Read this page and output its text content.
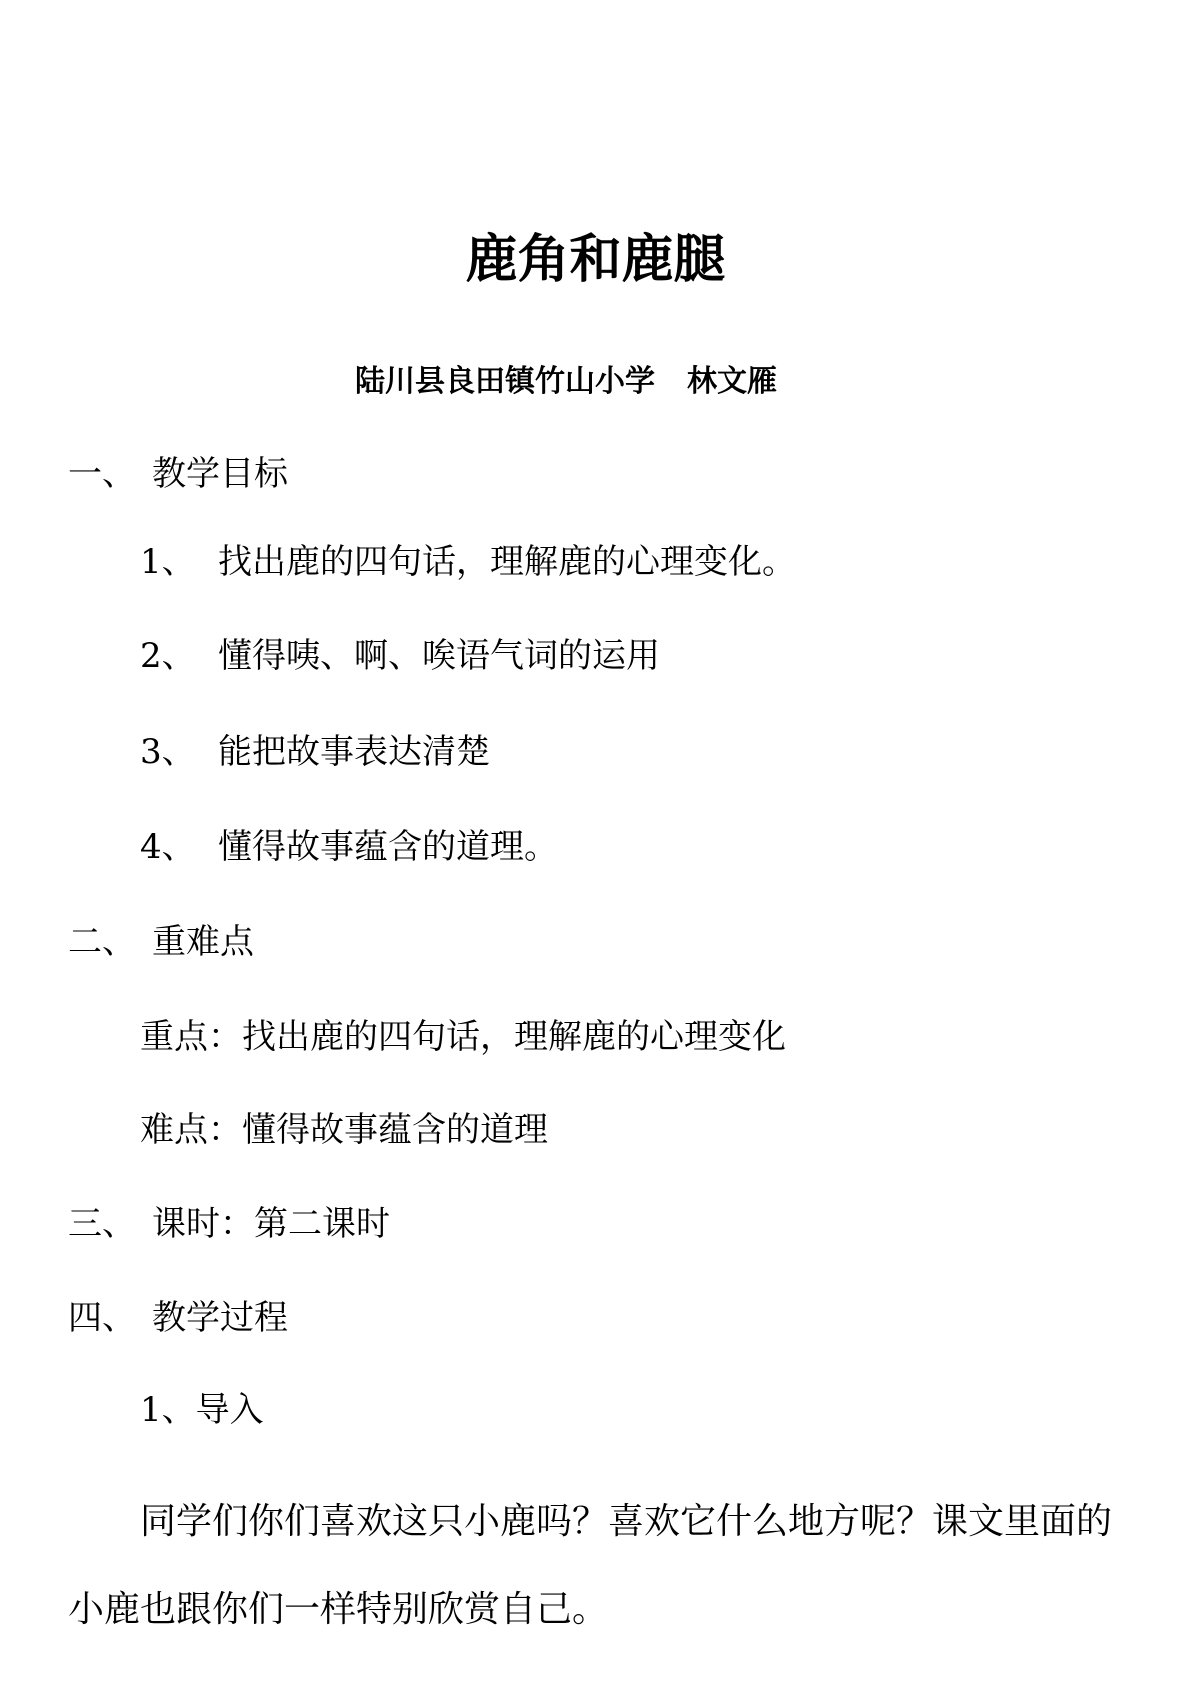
鹿角和鹿腿
陆川县良田镇竹山小学 林文雁
一、 教学目标
1、 找出鹿的四句话，理解鹿的心理变化。
2、 懂得咦、啊、唉语气词的运用
3、 能把故事表达清楚
4、 懂得故事蕴含的道理。
二、 重难点
重点：找出鹿的四句话，理解鹿的心理变化
难点：懂得故事蕴含的道理
三、 课时：第二课时
四、 教学过程
1、导入
同学们你们喜欢这只小鹿吗？喜欢它什么地方呢？课文里面的小鹿也跟你们一样特别欣赏自己。
